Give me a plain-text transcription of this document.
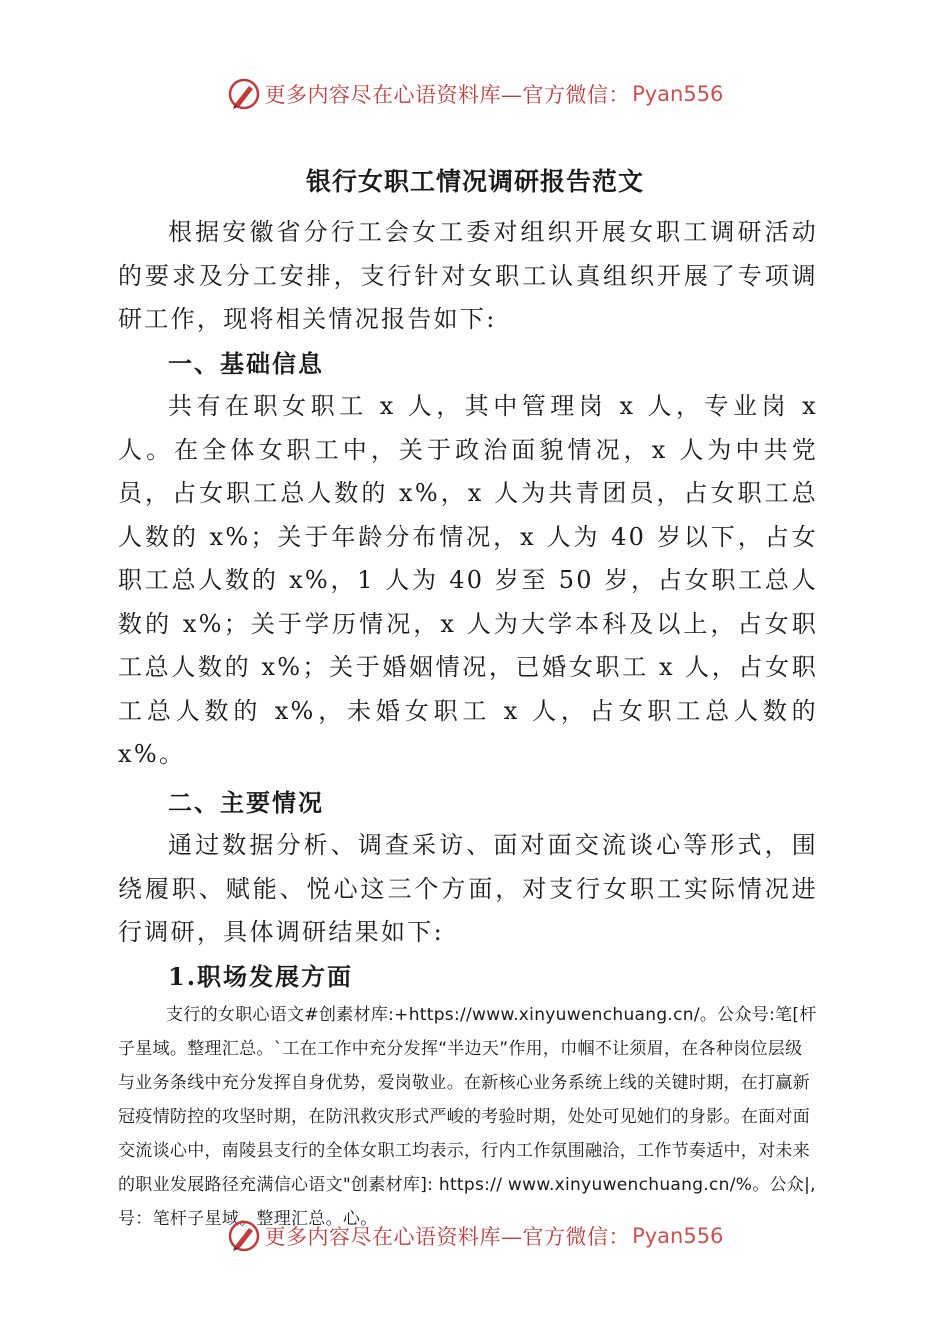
更多内容尽在心语资料库—官方微信： Pyan556
银行女职工情况调研报告范文

根据安徽省分行工会女工委对组织开展女职工调研活动的要求及分工安排，支行针对女职工认真组织开展了专项调研工作，现将相关情况报告如下:

一、基础信息

共有在职女职工 x 人，其中管理岗 x 人，专业岗 x 人。在全体女职工中，关于政治面貌情况，x 人为中共党员，占女职工总人数的 x%，x 人为共青团员，占女职工总人数的 x%；关于年龄分布情况，x 人为 40 岁以下，占女职工总人数的 x%，1 人为 40 岁至 50 岁，占女职工总人数的 x%；关于学历情况，x 人为大学本科及以上，占女职工总人数的 x%；关于婚姻情况，已婚女职工 x 人，占女职工总人数的 x%，未婚女职工 x 人，占女职工总人数的 x%。

二、主要情况

通过数据分析、调查采访、面对面交流谈心等形式，围绕履职、赋能、悦心这三个方面，对支行女职工实际情况进行调研，具体调研结果如下:

1.职场发展方面

支行的女职心语文#创素材库:+https://www.xinyuwenchuang.cn/。公众号:笔[杆子星域。整理汇总。`工在工作中充分发挥“半边天”作用，巾帼不让须眉，在各种岗位层级与业务条线中充分发挥自身优势，爱岗敬业。在新核心业务系统上线的关键时期，在打赢新冠疫情防控的攻坚时期，在防汛救灾形式严峻的考验时期，处处可见她们的身影。在面对面交流谈心中，南陵县支行的全体女职工均表示，行内工作氛围融洽，工作节奏适中，对未来的职业发展路径充满信心语文"创素材库]: https:// www.xinyuwenchuang.cn/%。公众|,号：笔杆子星域。整理汇总。心。

更多内容尽在心语资料库—官方微信： Pyan556
